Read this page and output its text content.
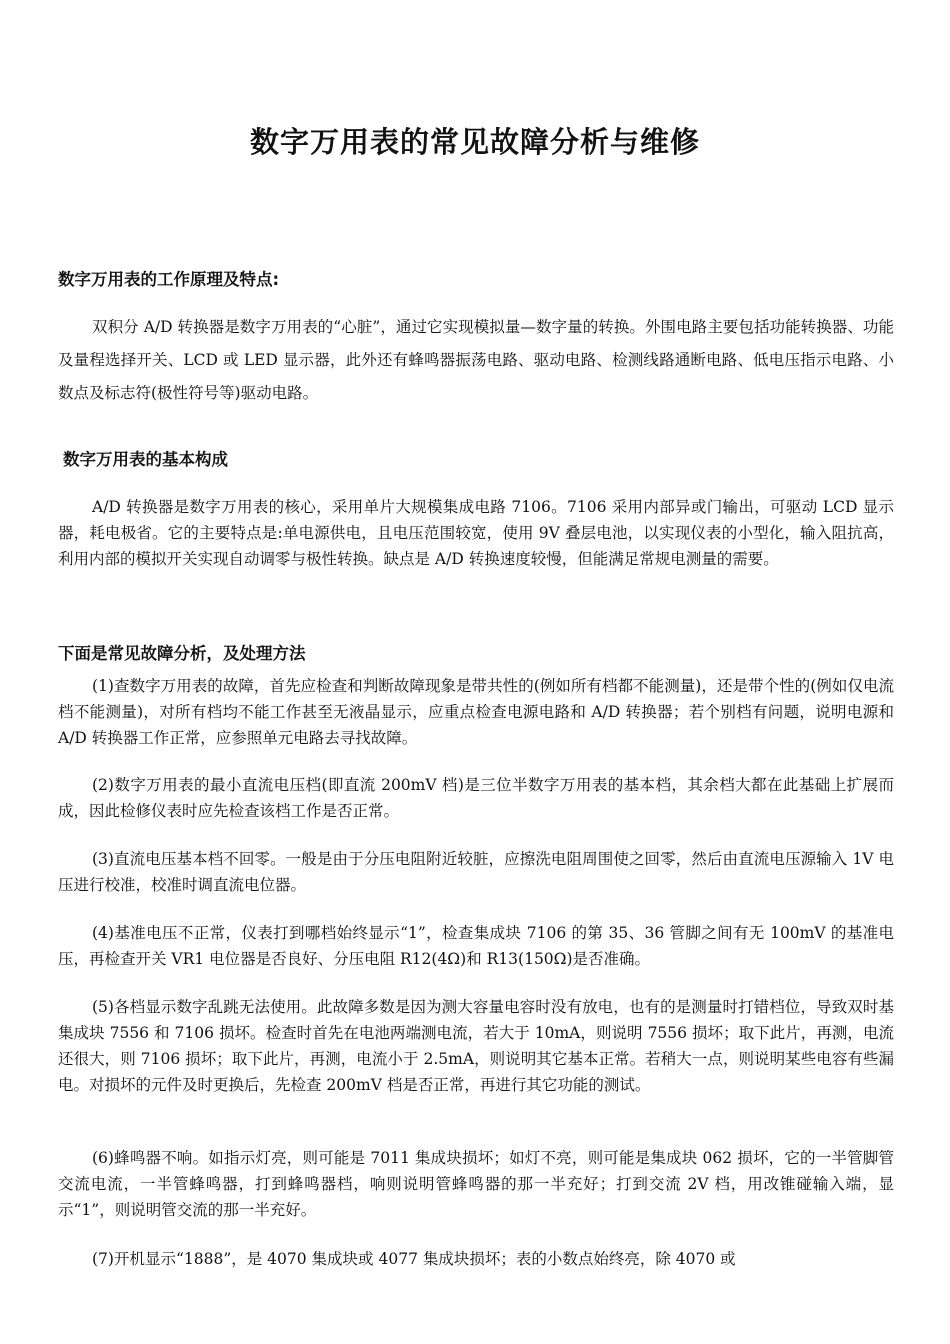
数字万用表的常见故障分析与维修
数字万用表的工作原理及特点:

双积分 A/D 转换器是数字万用表的“心脏”，通过它实现模拟量—数字量的转换。外围电路主要包括功能转换器、功能及量程选择开关、LCD 或 LED 显示器，此外还有蜂鸣器振荡电路、驱动电路、检测线路通断电路、低电压指示电路、小数点及标志符(极性符号等)驱动电路。

数字万用表的基本构成

A/D 转换器是数字万用表的核心，采用单片大规模集成电路 7106。7106 采用内部异或门输出，可驱动 LCD 显示器，耗电极省。它的主要特点是:单电源供电，且电压范围较宽，使用 9V 叠层电池，以实现仪表的小型化，输入阻抗高，利用内部的模拟开关实现自动调零与极性转换。缺点是 A/D 转换速度较慢，但能满足常规电测量的需要。

下面是常见故障分析，及处理方法

(1)查数字万用表的故障，首先应检查和判断故障现象是带共性的(例如所有档都不能测量)，还是带个性的(例如仅电流档不能测量)，对所有档均不能工作甚至无液晶显示，应重点检查电源电路和 A/D 转换器；若个别档有问题，说明电源和 A/D 转换器工作正常，应参照单元电路去寻找故障。

(2)数字万用表的最小直流电压档(即直流 200mV 档)是三位半数字万用表的基本档，其余档大都在此基础上扩展而成，因此检修仪表时应先检查该档工作是否正常。

(3)直流电压基本档不回零。一般是由于分压电阻附近较脏，应擦洗电阻周围使之回零，然后由直流电压源输入 1V 电压进行校准，校准时调直流电位器。

(4)基准电压不正常，仪表打到哪档始终显示“1”，检查集成块 7106 的第 35、36 管脚之间有无 100mV 的基准电压，再检查开关 VR1 电位器是否良好、分压电阻 R12(4Ω)和 R13(150Ω)是否准确。

(5)各档显示数字乱跳无法使用。此故障多数是因为测大容量电容时没有放电，也有的是测量时打错档位，导致双时基集成块 7556 和 7106 损坏。检查时首先在电池两端测电流，若大于 10mA，则说明 7556 损坏；取下此片，再测，电流还很大，则 7106 损坏；取下此片，再测，电流小于 2.5mA，则说明其它基本正常。若稍大一点，则说明某些电容有些漏电。对损坏的元件及时更换后，先检查 200mV 档是否正常，再进行其它功能的测试。

(6)蜂鸣器不响。如指示灯亮，则可能是 7011 集成块损坏；如灯不亮，则可能是集成块 062 损坏，它的一半管脚管交流电流，一半管蜂鸣器，打到蜂鸣器档，响则说明管蜂鸣器的那一半充好；打到交流 2V 档，用改锥碰输入端，显示“1”，则说明管交流的那一半充好。

(7)开机显示“1888”，是 4070 集成块或 4077 集成块损坏；表的小数点始终亮，除 4070 或
